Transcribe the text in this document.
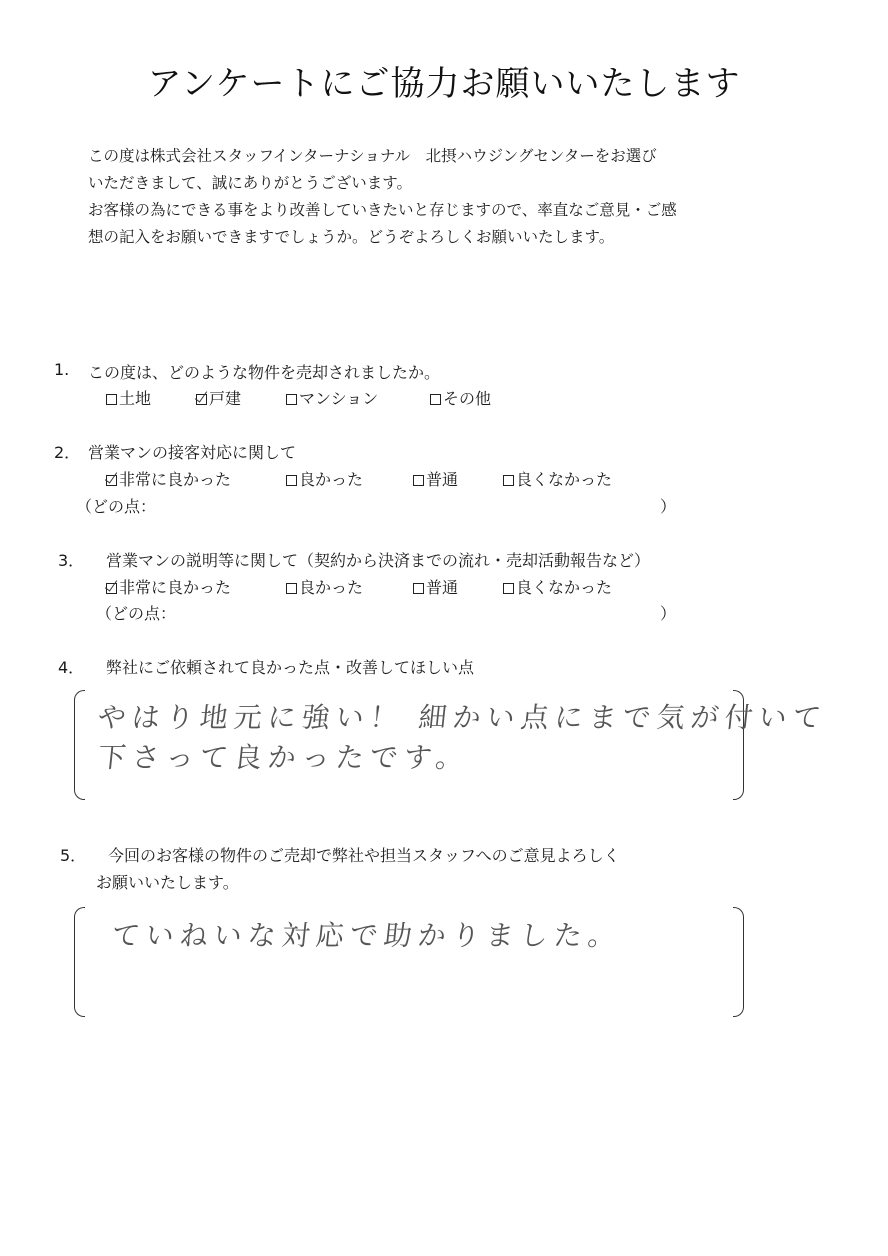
アンケートにご協力お願いいたします
この度は株式会社スタッフインターナショナル　北摂ハウジングセンターをお選び
いただきまして、誠にありがとうございます。
お客様の為にできる事をより改善していきたいと存じますので、率直なご意見・ご感
想の記入をお願いできますでしょうか。どうぞよろしくお願いいたします。
1. この度は、どのような物件を売却されましたか。
土地	戸建	マンション	その他
2． 営業マンの接客対応に関して
非常に良かった	良かった	普通	良くなかった
（どの点：	）
3． 営業マンの説明等に関して（契約から決済までの流れ・売却活動報告など）
非常に良かった	良かった	普通	良くなかった
（どの点：	）
4． 弊社にご依頼されて良かった点・改善してほしい点
やはり地元に強い！ 細かい点にまで気が付いて
下さって良かったです。
5． 今回のお客様の物件のご売却で弊社や担当スタッフへのご意見よろしく
お願いいたします。
ていねいな対応で助かりました。
